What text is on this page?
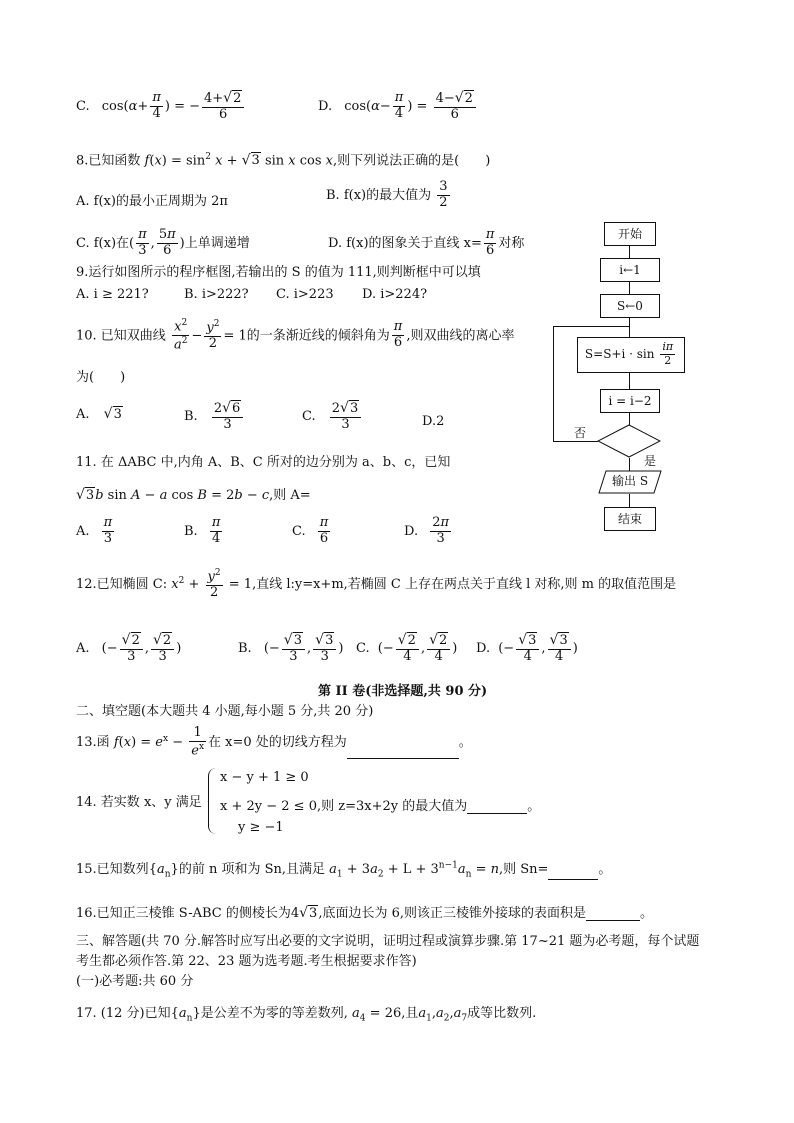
C. $\cos(\alpha+ \frac{\pi}{4}$ ) = − $\frac{4+√2}{6}$	D. $\cos(\alpha- \frac{\pi}{4}$ ) = $\frac{4-√2}{6}$
8.已知函数 $f(x) = \sin^2 x + √3$ sin x cos x,则下列说法正确的是(　　)
A. f(x)的最小正周期为 2π	B. f(x)的最大值为 $\frac{3}{2}$
C. f(x)在( $\frac{\pi}{3}$ , $\frac{5\pi}{6}$ )上单调递增	D. f(x)的图象关于直线 $x= \frac{\pi}{6}$ 对称
9.运行如图所示的程序框图,若输出的 S 的值为 111,则判断框中可以填
A. i ≥ 221?	B. i>222? C. i>223 D. i>224?
10. 已知双曲线 $\frac{x^2}{a^2} - \frac{y^2}{2} = 1$的一条渐近线的倾斜角为 $\frac{\pi}{6}$ ,则双曲线的离心率
为(　　)
A. √3	B. $\frac{2√6}{3}$	C. $\frac{2√3}{3}$	D.2
11. 在 ΔABC 中,内角 A、B、C 所对的边分别为 a、b、c，已知
√3b sin A − a cos B = 2b − c,则 A=
A. $\frac{\pi}{3}$	B. $\frac{\pi}{4}$	C. $\frac{\pi}{6}$	D. $\frac{2\pi}{3}$
12.已知椭圆 C: $x^2 + \frac{y^2}{2} = 1$,直线 l:y=x+m,若椭圆 C 上存在两点关于直线 l 对称,则 m 的取值范围是
A. (− $\frac{√2}{3}$ , $\frac{√2}{3}$ )	B. (− $\frac{√3}{3}$ , $\frac{√3}{3}$ ) C. (− $\frac{√2}{4}$ , $\frac{√2}{4}$ ) D. (− $\frac{√3}{4}$ , $\frac{√3}{4}$ )
第 II 卷(非选择题,共 90 分)
二、填空题(本大题共 4 小题,每小题 5 分,共 20 分)
13.函 $f(x) = e^x - \frac{1}{e^x}$ 在 x=0 处的切线方程为	。
14. 若实数 x、y 满足
x − y + 1 ≥ 0
x + 2y − 2 ≤ 0,则 z=3x+2y 的最大值为	。
y ≥ −1
15.已知数列$\{a_n\}$的前 n 项和为 Sn,且满足 $a_1 + 3a_2 + L + 3^{n-1}a_n = n$,则 Sn=	。
16.已知正三棱锥 S-ABC 的侧棱长为4√3,底面边长为 6,则该正三棱锥外接球的表面积是	。
三、解答题(共 70 分.解答时应写出必要的文字说明，证明过程或演算步骤.第 17~21 题为必考题，每个试题
考生都必须作答.第 22、23 题为选考题.考生根据要求作答)
(一)必考题:共 60 分
17. (12 分)已知$\{a_n\}$是公差不为零的等差数列, $a_4 = 26$,且$a_1,a_2,a_7$成等比数列.
开始
i←1
S←0
$S=S+i \cdot \sin \frac{i\pi}{2}$
i = i−2
否
是
输出 S
结束
